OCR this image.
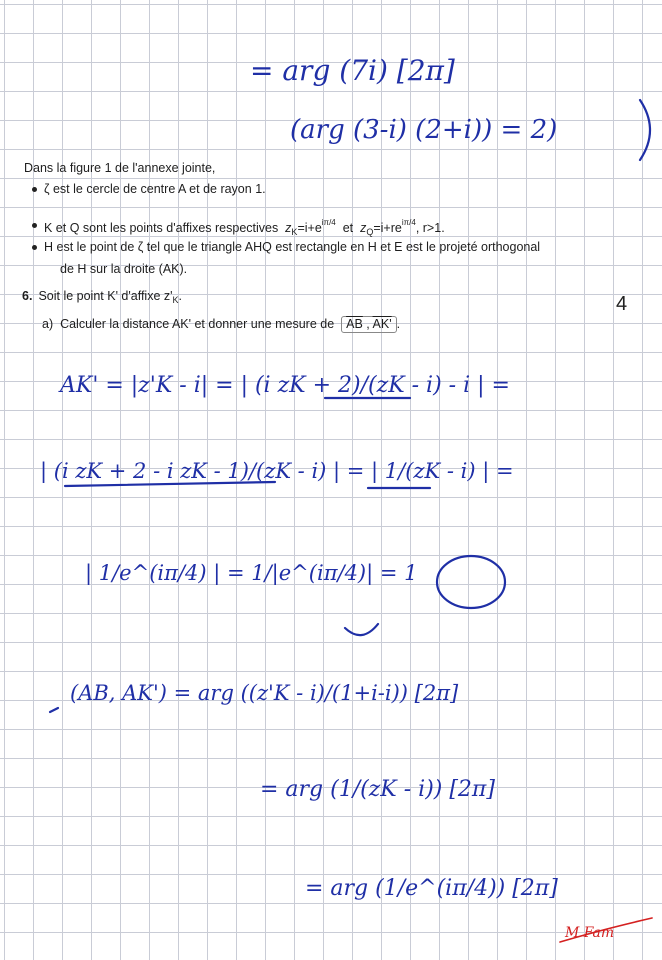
Dans la figure 1 de l'annexe jointe,
ζ est le cercle de centre A et de rayon 1.
K et Q sont les points d'affixes respectives $z_K=i+e^{i\pi/4}$ et $z_Q=i+re^{i\pi/4}$, r>1.
H est le point de ζ tel que le triangle AHQ est rectangle en H et E est le projeté orthogonal
de H sur la droite (AK).
6. Soit le point K' d'affixe $z'_K$.
a) Calculer la distance AK' et donner une mesure de $\overline{AB}$ , AK' .
4
= arg (7i) [2π]
(arg (3-i) (2+i)) = 2)
AK' = |z'K - i| = | (i zK + 2)/(zK - i) - i | =
| (i zK + 2 - i zK - 1)/(zK - i) | = | 1/(zK - i) | =
| 1/e^(iπ/4) | = 1/|e^(iπ/4)| = 1
(AB, AK') = arg ((z'K - i)/(1+i-i)) [2π]
= arg (1/(zK - i)) [2π]
= arg (1/e^(iπ/4)) [2π]
M Fam
